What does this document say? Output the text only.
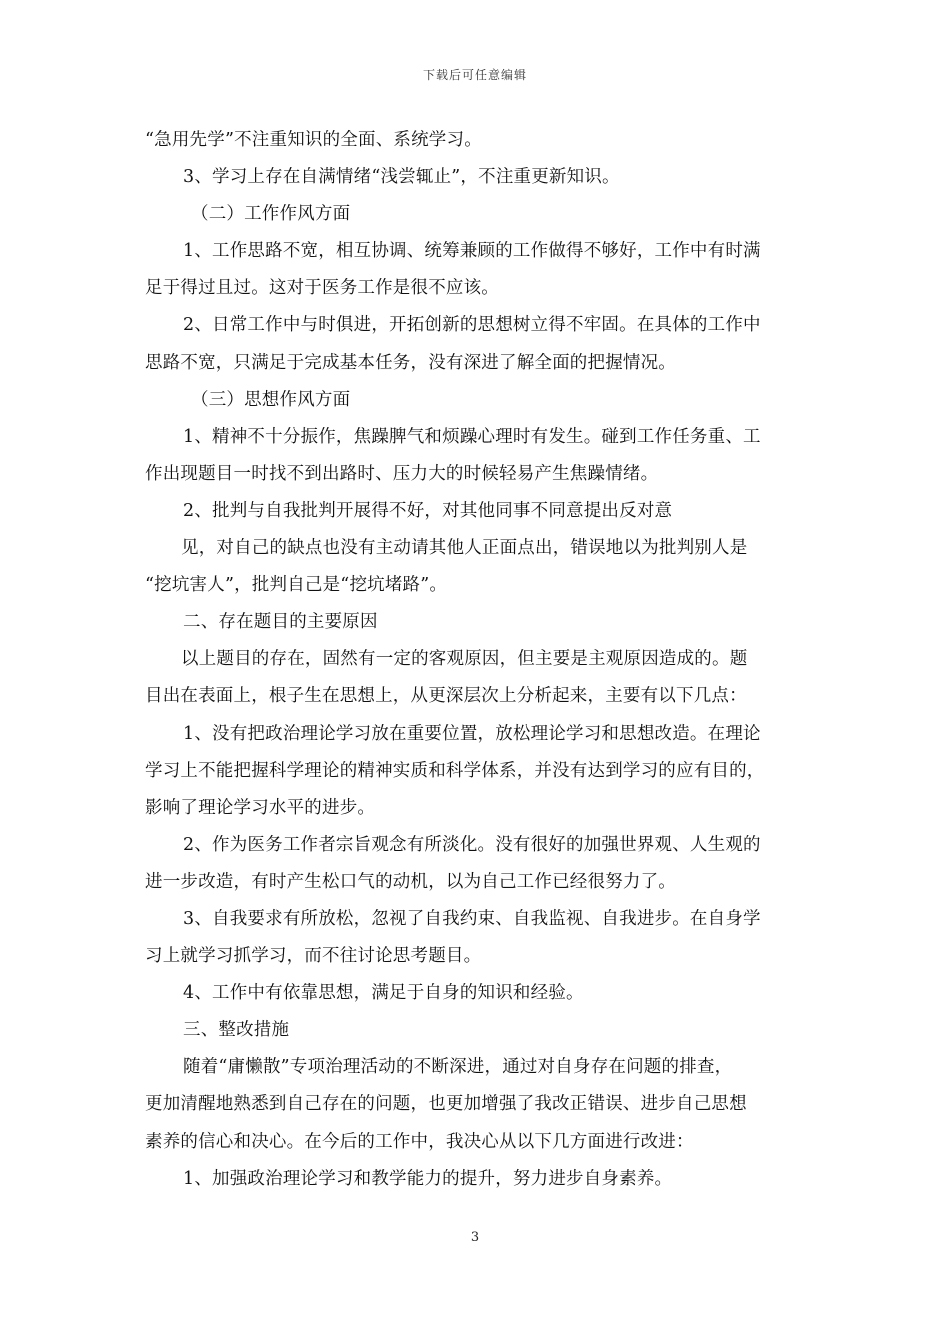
下载后可任意编辑
“急用先学”不注重知识的全面、系统学习。
3、学习上存在自满情绪“浅尝辄止”，不注重更新知识。
（二）工作作风方面
1、工作思路不宽，相互协调、统筹兼顾的工作做得不够好，工作中有时满
足于得过且过。这对于医务工作是很不应该。
2、日常工作中与时俱进，开拓创新的思想树立得不牢固。在具体的工作中
思路不宽，只满足于完成基本任务，没有深进了解全面的把握情况。
（三）思想作风方面
1、精神不十分振作，焦躁脾气和烦躁心理时有发生。碰到工作任务重、工
作出现题目一时找不到出路时、压力大的时候轻易产生焦躁情绪。
2、批判与自我批判开展得不好，对其他同事不同意提出反对意
见，对自己的缺点也没有主动请其他人正面点出，错误地以为批判别人是
“挖坑害人”，批判自己是“挖坑堵路”。
二、存在题目的主要原因
以上题目的存在，固然有一定的客观原因，但主要是主观原因造成的。题
目出在表面上，根子生在思想上，从更深层次上分析起来，主要有以下几点：
1、没有把政治理论学习放在重要位置，放松理论学习和思想改造。在理论
学习上不能把握科学理论的精神实质和科学体系，并没有达到学习的应有目的，
影响了理论学习水平的进步。
2、作为医务工作者宗旨观念有所淡化。没有很好的加强世界观、人生观的
进一步改造，有时产生松口气的动机，以为自己工作已经很努力了。
3、自我要求有所放松，忽视了自我约束、自我监视、自我进步。在自身学
习上就学习抓学习，而不往讨论思考题目。
4、工作中有依靠思想，满足于自身的知识和经验。
三、整改措施
随着“庸懒散”专项治理活动的不断深进，通过对自身存在问题的排查，
更加清醒地熟悉到自己存在的问题，也更加增强了我改正错误、进步自己思想
素养的信心和决心。在今后的工作中，我决心从以下几方面进行改进：
1、加强政治理论学习和教学能力的提升，努力进步自身素养。
3
